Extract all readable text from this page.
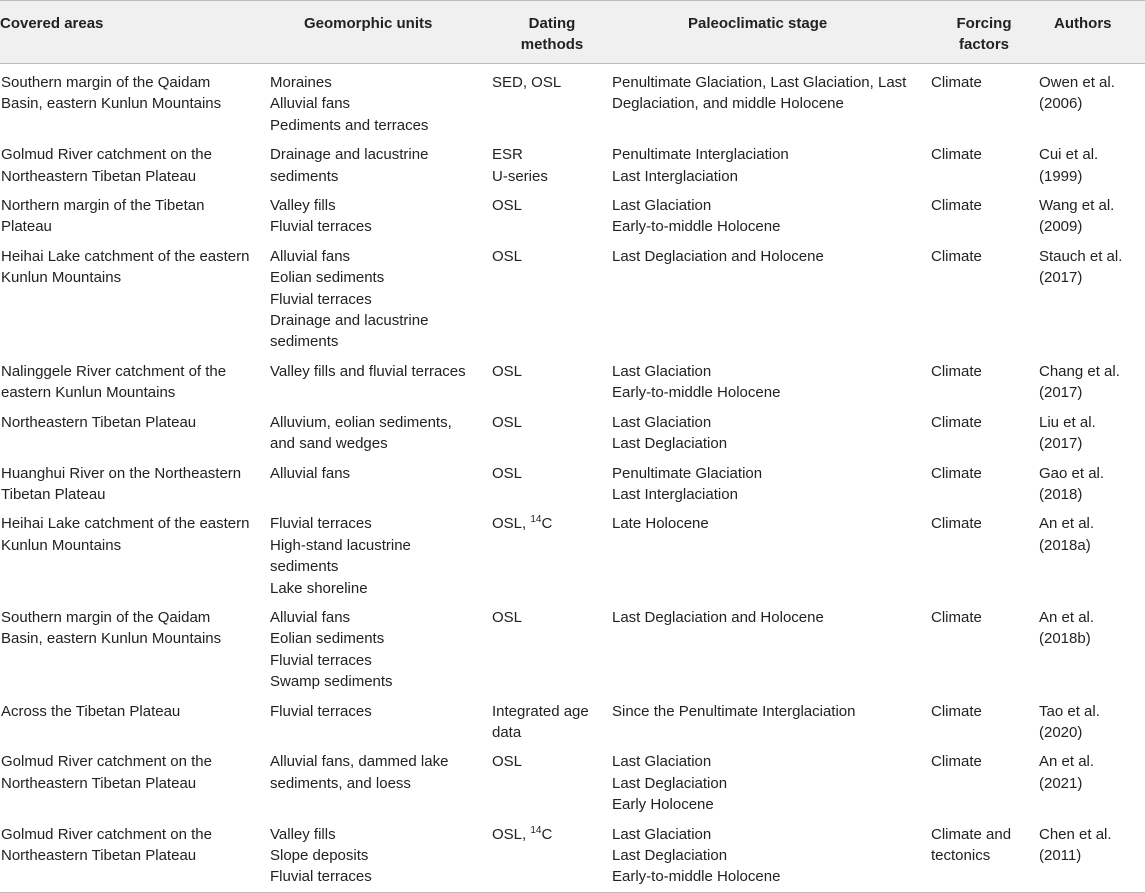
Covered areas	Geomorphic units	Dating
methods	Paleoclimatic stage	Forcing
factors	Authors

Southern margin of the Qaidam
Basin, eastern Kunlun Mountains	Moraines
Alluvial fans
Pediments and terraces	SED, OSL	Penultimate Glaciation, Last Glaciation, Last
Deglaciation, and middle Holocene	Climate	Owen et al.
(2006)

Golmud River catchment on the
Northeastern Tibetan Plateau	Drainage and lacustrine
sediments	ESR
U-series	Penultimate Interglaciation
Last Interglaciation	Climate	Cui et al.
(1999)

Northern margin of the Tibetan
Plateau	Valley fills
Fluvial terraces	OSL	Last Glaciation
Early-to-middle Holocene	Climate	Wang et al.
(2009)

Heihai Lake catchment of the eastern
Kunlun Mountains	Alluvial fans
Eolian sediments
Fluvial terraces
Drainage and lacustrine
sediments	OSL	Last Deglaciation and Holocene	Climate	Stauch et al.
(2017)

Nalinggele River catchment of the
eastern Kunlun Mountains	Valley fills and fluvial terraces	OSL	Last Glaciation
Early-to-middle Holocene	Climate	Chang et al.
(2017)

Northeastern Tibetan Plateau	Alluvium, eolian sediments,
and sand wedges	OSL	Last Glaciation
Last Deglaciation	Climate	Liu et al.
(2017)

Huanghui River on the Northeastern
Tibetan Plateau	Alluvial fans	OSL	Penultimate Glaciation
Last Interglaciation	Climate	Gao et al.
(2018)

Heihai Lake catchment of the eastern
Kunlun Mountains	Fluvial terraces
High-stand lacustrine
sediments
Lake shoreline	OSL, $^{14}$C	Late Holocene	Climate	An et al.
(2018a)

Southern margin of the Qaidam
Basin, eastern Kunlun Mountains	Alluvial fans
Eolian sediments
Fluvial terraces
Swamp sediments	OSL	Last Deglaciation and Holocene	Climate	An et al.
(2018b)

Across the Tibetan Plateau	Fluvial terraces	Integrated age
data	Since the Penultimate Interglaciation	Climate	Tao et al.
(2020)

Golmud River catchment on the
Northeastern Tibetan Plateau	Alluvial fans, dammed lake
sediments, and loess	OSL	Last Glaciation
Last Deglaciation
Early Holocene	Climate	An et al.
(2021)

Golmud River catchment on the
Northeastern Tibetan Plateau	Valley fills
Slope deposits
Fluvial terraces	OSL, $^{14}$C	Last Glaciation
Last Deglaciation
Early-to-middle Holocene	Climate and
tectonics	Chen et al.
(2011)
